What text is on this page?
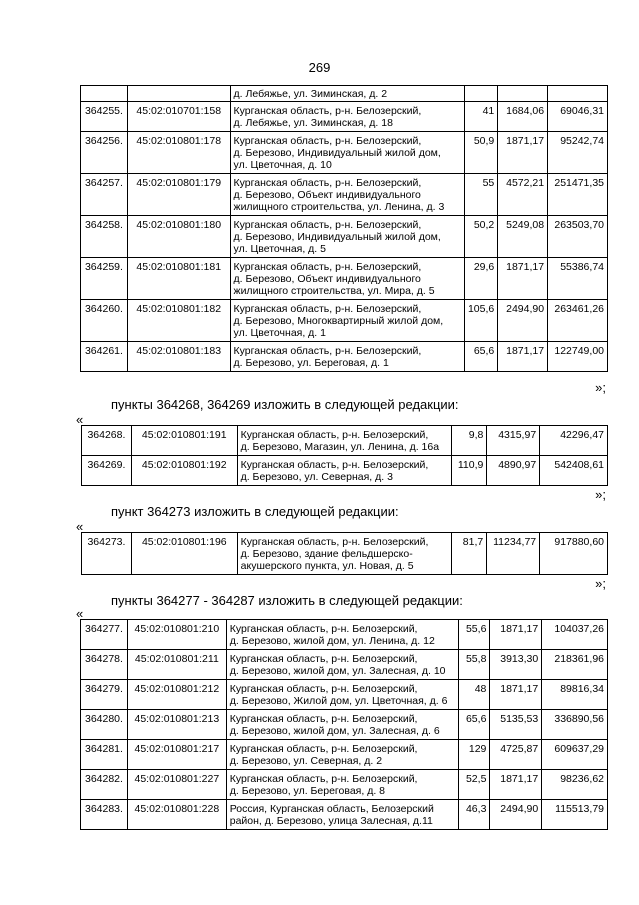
269
		д. Лебяжье, ул. Зиминская, д. 2			
364255.	45:02:010701:158	Курганская область, р-н. Белозерский,
д. Лебяжье, ул. Зиминская, д. 18	41	1684,06	69046,31
364256.	45:02:010801:178	Курганская область, р-н. Белозерский,
д. Березово, Индивидуальный жилой дом,
ул. Цветочная, д. 10	50,9	1871,17	95242,74
364257.	45:02:010801:179	Курганская область, р-н. Белозерский,
д. Березово, Объект индивидуального
жилищного строительства, ул. Ленина, д. 3	55	4572,21	251471,35
364258.	45:02:010801:180	Курганская область, р-н. Белозерский,
д. Березово, Индивидуальный жилой дом,
ул. Цветочная, д. 5	50,2	5249,08	263503,70
364259.	45:02:010801:181	Курганская область, р-н. Белозерский,
д. Березово, Объект индивидуального
жилищного строительства, ул. Мира, д. 5	29,6	1871,17	55386,74
364260.	45:02:010801:182	Курганская область, р-н. Белозерский,
д. Березово, Многоквартирный жилой дом,
ул. Цветочная, д. 1	105,6	2494,90	263461,26
364261.	45:02:010801:183	Курганская область, р-н. Белозерский,
д. Березово, ул. Береговая, д. 1	65,6	1871,17	122749,00
»;
пункты 364268, 364269 изложить в следующей редакции:
«
364268.	45:02:010801:191	Курганская область, р-н. Белозерский,
д. Березово, Магазин, ул. Ленина, д. 16а	9,8	4315,97	42296,47
364269.	45:02:010801:192	Курганская область, р-н. Белозерский,
д. Березово, ул. Северная, д. 3	110,9	4890,97	542408,61
»;
пункт 364273 изложить в следующей редакции:
«
364273.	45:02:010801:196	Курганская область, р-н. Белозерский,
д. Березово, здание фельдшерско-
акушерского пункта, ул. Новая, д. 5
	81,7	11234,77	917880,60
»;
пункты 364277 - 364287 изложить в следующей редакции:
«
364277.	45:02:010801:210	Курганская область, р-н. Белозерский,
д. Березово, жилой дом, ул. Ленина, д. 12	55,6	1871,17	104037,26
364278.	45:02:010801:211	Курганская область, р-н. Белозерский,
д. Березово, жилой дом, ул. Залесная, д. 10	55,8	3913,30	218361,96
364279.	45:02:010801:212	Курганская область, р-н. Белозерский,
д. Березово, Жилой дом, ул. Цветочная, д. 6	48	1871,17	89816,34
364280.	45:02:010801:213	Курганская область, р-н. Белозерский,
д. Березово, жилой дом, ул. Залесная, д. 6	65,6	5135,53	336890,56
364281.	45:02:010801:217	Курганская область, р-н. Белозерский,
д. Березово, ул. Северная, д. 2	129	4725,87	609637,29
364282.	45:02:010801:227	Курганская область, р-н. Белозерский,
д. Березово, ул. Береговая, д. 8	52,5	1871,17	98236,62
364283.	45:02:010801:228	Россия, Курганская область, Белозерский
район, д. Березово, улица Залесная, д.11	46,3	2494,90	115513,79
